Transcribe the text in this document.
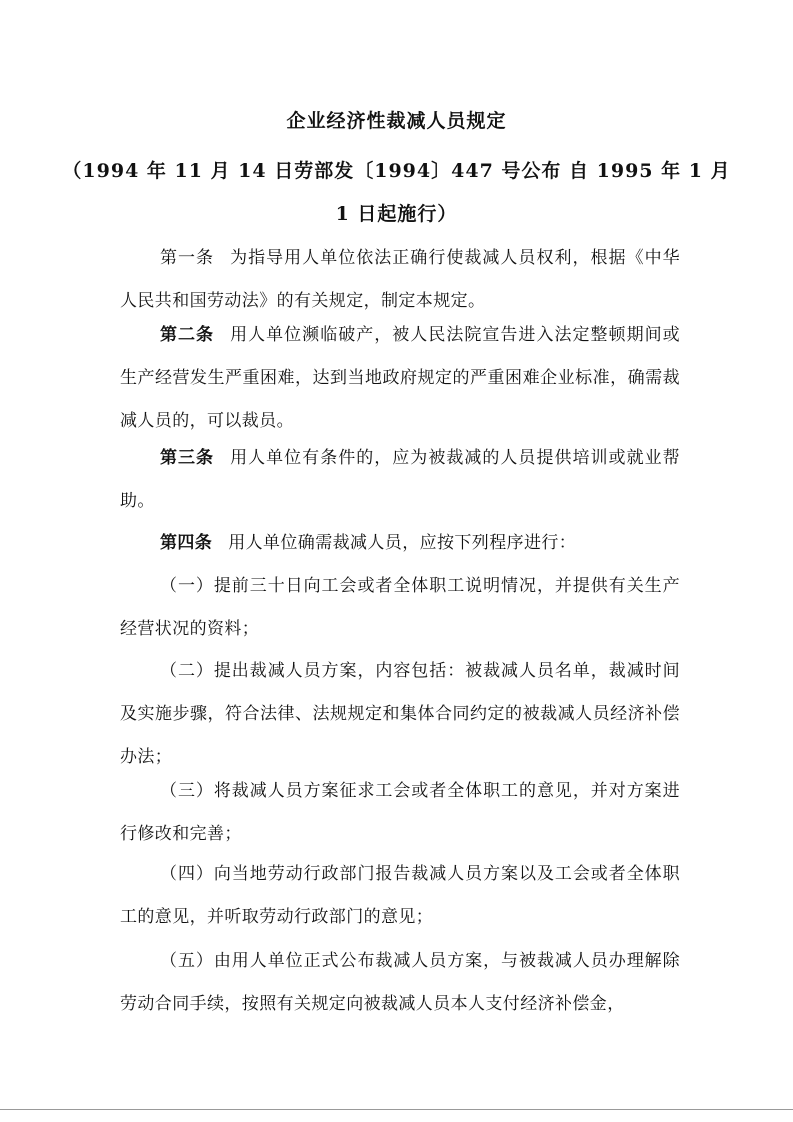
企业经济性裁减人员规定
（1994 年 11 月 14 日劳部发〔1994〕447 号公布 自 1995 年 1 月
1 日起施行）
第一条 为指导用人单位依法正确行使裁减人员权利，根据《中华人民共和国劳动法》的有关规定，制定本规定。
第二条 用人单位濒临破产，被人民法院宣告进入法定整顿期间或生产经营发生严重困难，达到当地政府规定的严重困难企业标准，确需裁减人员的，可以裁员。
第三条 用人单位有条件的，应为被裁减的人员提供培训或就业帮助。
第四条 用人单位确需裁减人员，应按下列程序进行：
（一）提前三十日向工会或者全体职工说明情况，并提供有关生产经营状况的资料；
（二）提出裁减人员方案，内容包括：被裁减人员名单，裁减时间及实施步骤，符合法律、法规规定和集体合同约定的被裁减人员经济补偿办法；
（三）将裁减人员方案征求工会或者全体职工的意见，并对方案进行修改和完善；
（四）向当地劳动行政部门报告裁减人员方案以及工会或者全体职工的意见，并听取劳动行政部门的意见；
（五）由用人单位正式公布裁减人员方案，与被裁减人员办理解除劳动合同手续，按照有关规定向被裁减人员本人支付经济补偿金，
